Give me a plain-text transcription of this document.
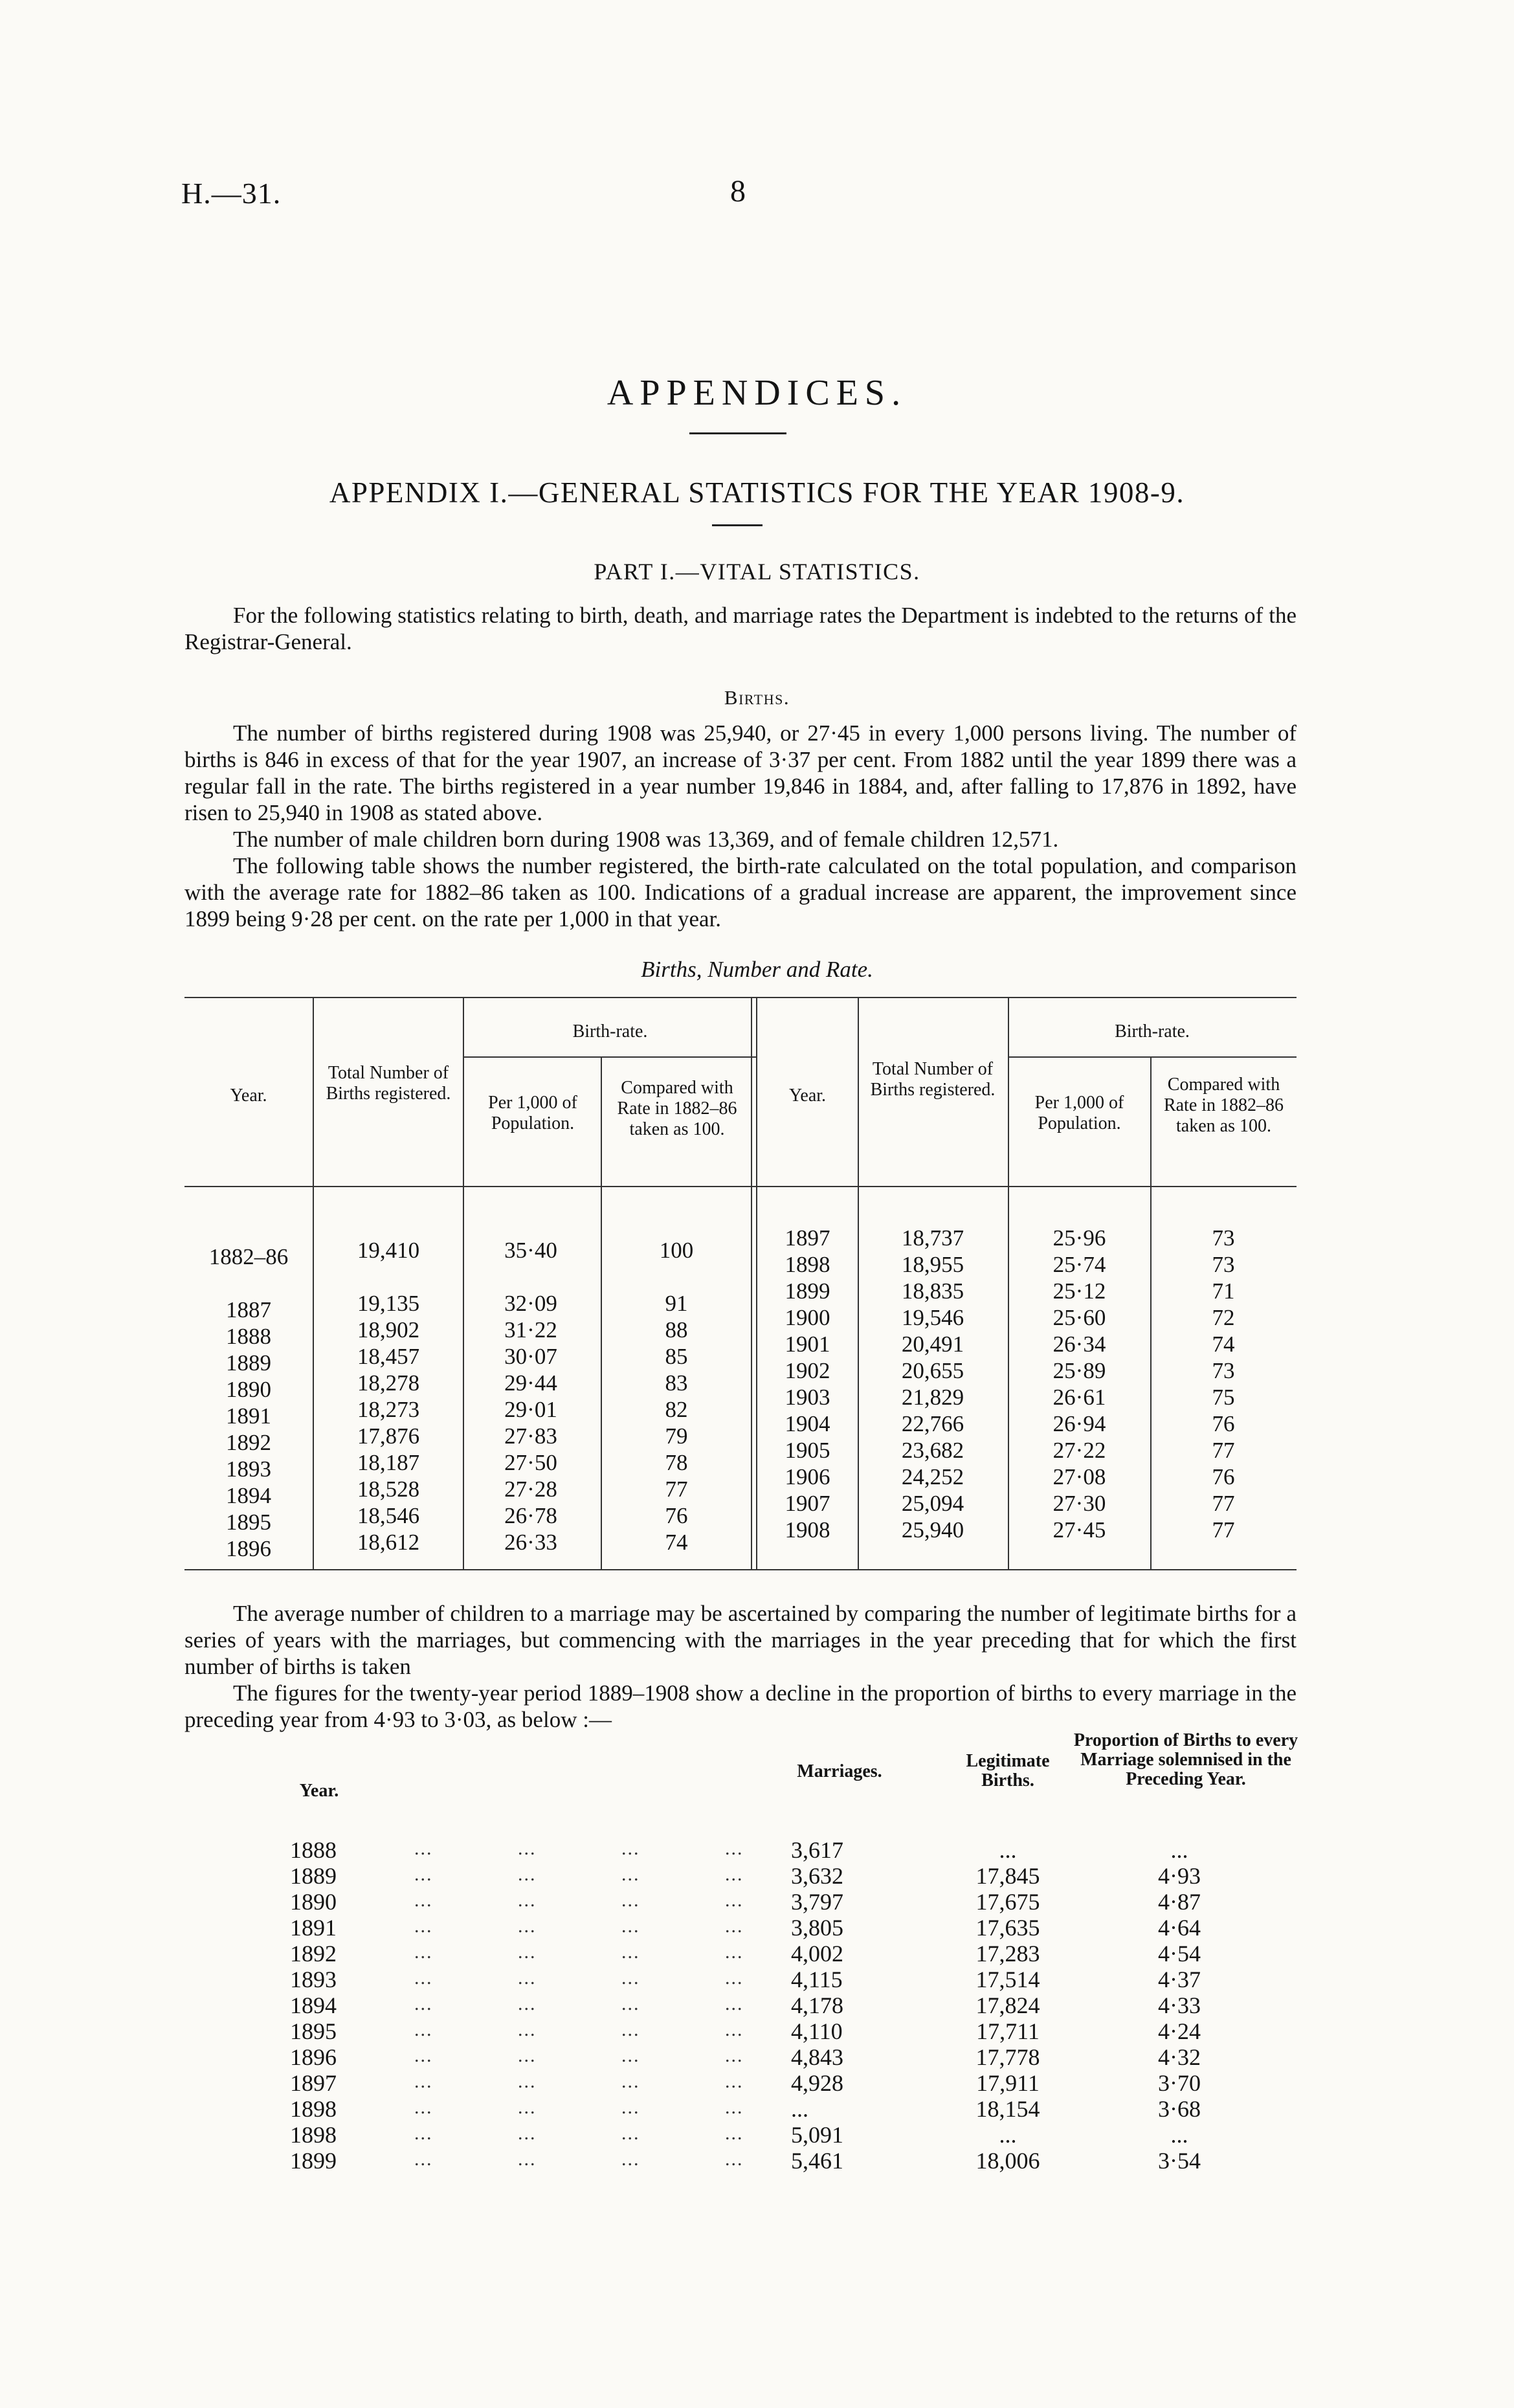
H.—31.	8
APPENDICES.
APPENDIX I.—GENERAL STATISTICS FOR THE YEAR 1908-9.
PART I.—VITAL STATISTICS.
For the following statistics relating to birth, death, and marriage rates the Department is indebted to the returns of the Registrar-General.
Births.
The number of births registered during 1908 was 25,940, or 27·45 in every 1,000 persons living. The number of births is 846 in excess of that for the year 1907, an increase of 3·37 per cent. From 1882 until the year 1899 there was a regular fall in the rate. The births registered in a year number 19,846 in 1884, and, after falling to 17,876 in 1892, have risen to 25,940 in 1908 as stated above.
The number of male children born during 1908 was 13,369, and of female children 12,571.
The following table shows the number registered, the birth-rate calculated on the total population, and comparison with the average rate for 1882–86 taken as 100. Indications of a gradual increase are apparent, the improvement since 1899 being 9·28 per cent. on the rate per 1,000 in that year.
Births, Number and Rate.
Year.
Total Number of Births registered.
Birth-rate.
Per 1,000 of Population.
Compared with Rate in 1882–86 taken as 100.
Year.
Total Number of Births registered.
Birth-rate.
Per 1,000 of Population.
Compared with Rate in 1882–86 taken as 100.
1882–86	19,410	35·40	100
1887	19,135	32·09	91
1888	18,902	31·22	88
1889	18,457	30·07	85
1890	18,278	29·44	83
1891	18,273	29·01	82
1892	17,876	27·83	79
1893	18,187	27·50	78
1894	18,528	27·28	77
1895	18,546	26·78	76
1896	18,612	26·33	74
1897	18,737	25·96	73
1898	18,955	25·74	73
1899	18,835	25·12	71
1900	19,546	25·60	72
1901	20,491	26·34	74
1902	20,655	25·89	73
1903	21,829	26·61	75
1904	22,766	26·94	76
1905	23,682	27·22	77
1906	24,252	27·08	76
1907	25,094	27·30	77
1908	25,940	27·45	77
The average number of children to a marriage may be ascertained by comparing the number of legitimate births for a series of years with the marriages, but commencing with the marriages in the year preceding that for which the first number of births is taken
The figures for the twenty-year period 1889–1908 show a decline in the proportion of births to every marriage in the preceding year from 4·93 to 3·03, as below :—
Year.
Marriages.
Legitimate Births.
Proportion of Births to every Marriage solemnised in the Preceding Year.
1888	...	...	...	...	3,617	...	...
1889	...	...	...	...	3,632	17,845	4·93
1890	...	...	...	...	3,797	17,675	4·87
1891	...	...	...	...	3,805	17,635	4·64
1892	...	...	...	...	4,002	17,283	4·54
1893	...	...	...	...	4,115	17,514	4·37
1894	...	...	...	...	4,178	17,824	4·33
1895	...	...	...	...	4,110	17,711	4·24
1896	...	...	...	...	4,843	17,778	4·32
1897	...	...	...	...	4,928	17,911	3·70
1898	...	...	...	...	...	18,154	3·68
1898	...	...	...	...	5,091	...	...
1899	...	...	...	...	5,461	18,006	3·54
